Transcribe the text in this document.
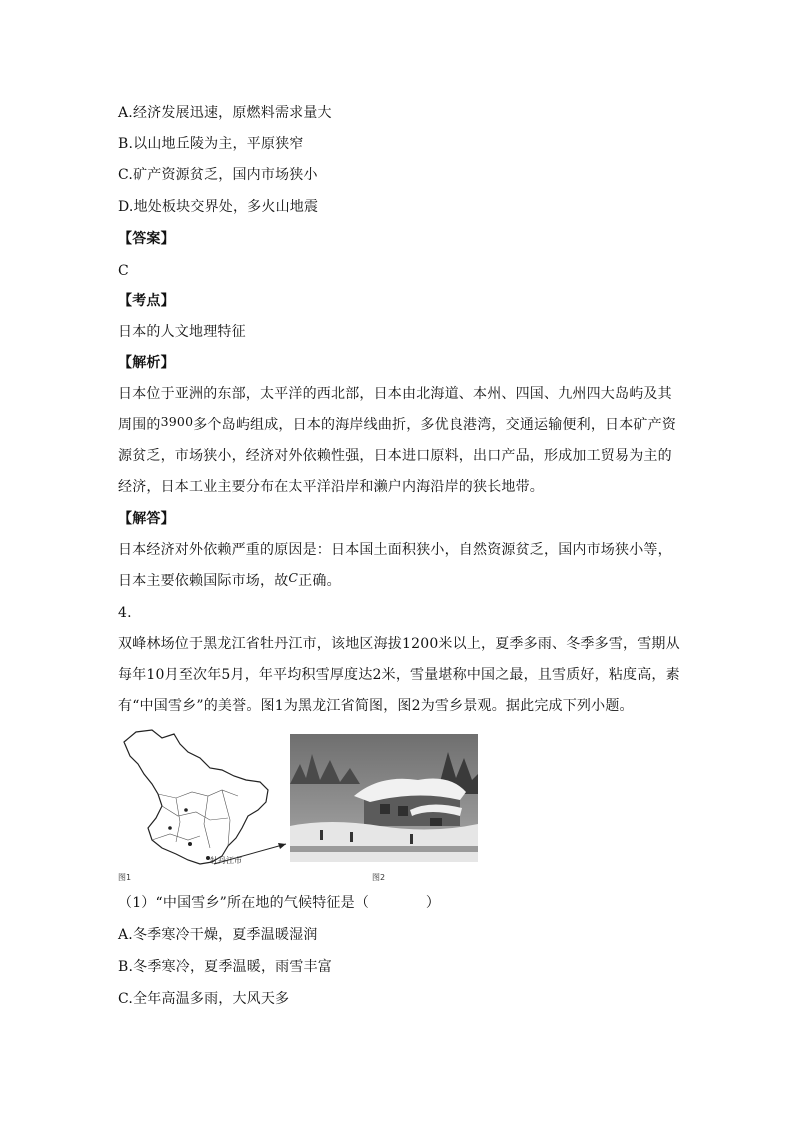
A.经济发展迅速，原燃料需求量大
B.以山地丘陵为主，平原狭窄
C.矿产资源贫乏，国内市场狭小
D.地处板块交界处，多火山地震
【答案】
C
【考点】
日本的人文地理特征
【解析】
日本位于亚洲的东部，太平洋的西北部，日本由北海道、本州、四国、九州四大岛屿及其
周围的3900多个岛屿组成，日本的海岸线曲折，多优良港湾，交通运输便利，日本矿产资
源贫乏，市场狭小，经济对外依赖性强，日本进口原料，出口产品，形成加工贸易为主的
经济，日本工业主要分布在太平洋沿岸和濑户内海沿岸的狭长地带。
【解答】
日本经济对外依赖严重的原因是：日本国土面积狭小，自然资源贫乏，国内市场狭小等，
日本主要依赖国际市场，故C正确。
4.
双峰林场位于黑龙江省牡丹江市，该地区海拔1200米以上，夏季多雨、冬季多雪，雪期从
每年10月至次年5月，年平均积雪厚度达2米，雪量堪称中国之最，且雪质好，粘度高，素
有“中国雪乡”的美誉。图1为黑龙江省简图，图2为雪乡景观。据此完成下列小题。
牡丹江市
图1	图2
（1）“中国雪乡”所在地的气候特征是（　　　　）
A.冬季寒冷干燥，夏季温暖湿润
B.冬季寒冷，夏季温暖，雨雪丰富
C.全年高温多雨，大风天多
